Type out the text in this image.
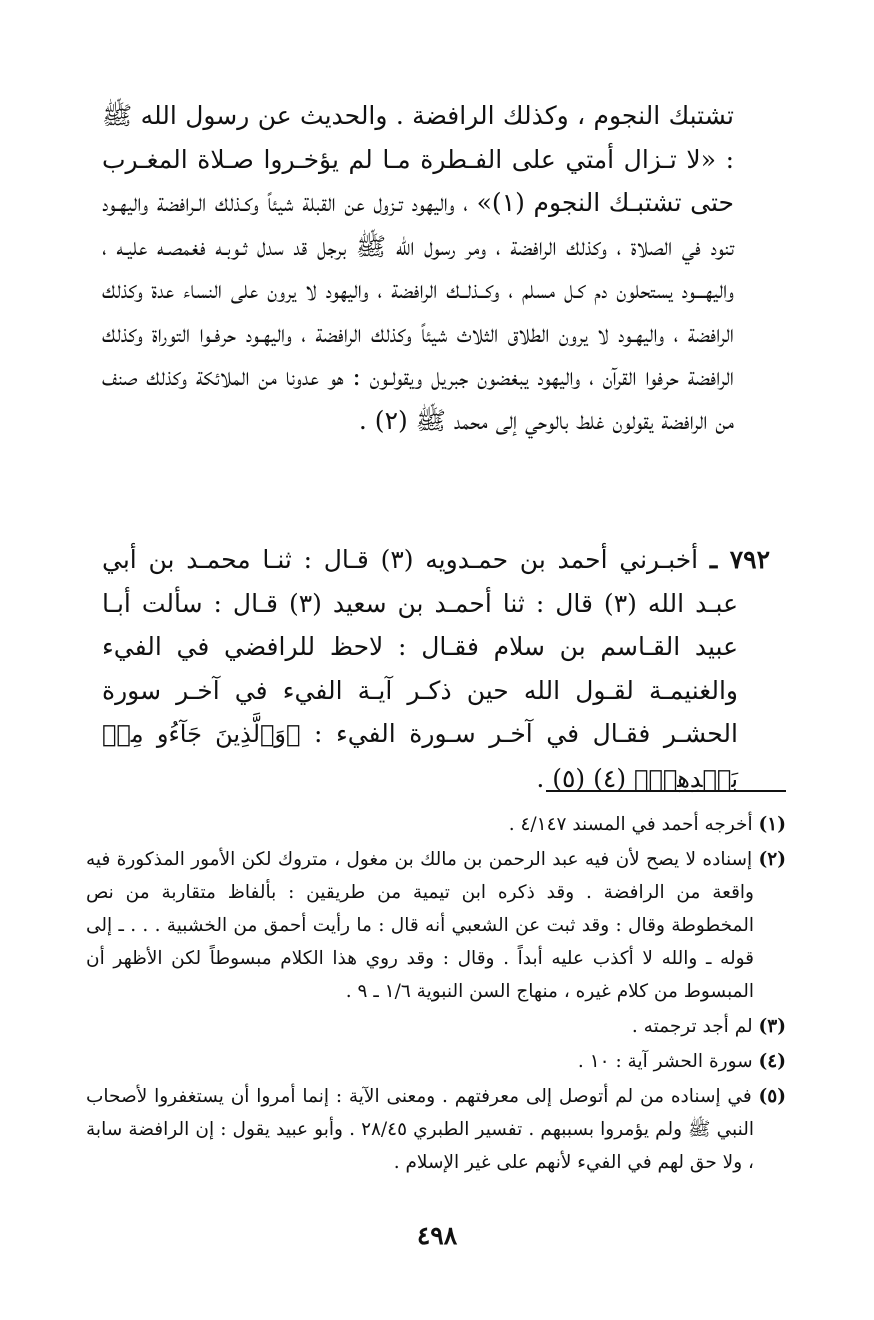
تشتبك النجوم ، وكذلك الرافضة . والحديث عن رسول الله ﷺ : «لا تـزال أمتي على الفـطرة مـا لم يؤخـروا صـلاة المغـرب حتى تشتبـك النجوم (١)» ، واليهود تـزول عن القبلة شيئاً وكـذلك الـرافضة واليهـود تنود في الصلاة ، وكذلك الرافضة ، ومر رسول الله ﷺ برجل قد سدل ثـوبـه فغمصـه عليـه ، واليهـــود يستحلون دم كـل مسلم ، وكــذلــك الرافضة ، واليهود لا يرون على النساء عدة وكذلك الرافضة ، واليهـود لا يرون الطلاق الثلاث شيئاً وكذلك الرافضة ، واليهـود حرفـوا التوراة وكذلك الرافضة حرفوا القرآن ، واليهود يبغضون جبريل ويقولـون : هو عدونا من الملائكة وكذلك صنف من الرافضة يقولون غلط بالوحي إلى محمد ﷺ (٢) .

٧٩٢ ـ أخبـرني أحمد بن حمـدويه (٣) قـال : ثنـا محمـد بن أبي عبـد الله (٣) قال : ثنا أحمـد بن سعيد (٣) قـال : سألت أبـا عبيد القـاسم بن سلام فقـال : لاحظ للرافضي في الفيء والغنيمـة لقـول الله حين ذكـر آيـة الفيء في آخـر سورة الحشـر فقـال في آخـر سـورة الفيء : ﴿وَٱلَّذِينَ جَآءُو مِنۢ بَعۡدِهِمۡ﴾ (٤) (٥) .

(١) أخرجه أحمد في المسند ٤/١٤٧ .

(٢) إسناده لا يصح لأن فيه عبد الرحمن بن مالك بن مغول ، متروك لكن الأمور المذكورة فيه واقعة من الرافضة . وقد ذكره ابن تيمية من طريقين : بألفاظ متقاربة من نص المخطوطة وقال : وقد ثبت عن الشعبي أنه قال : ما رأيت أحمق من الخشبية . . . ـ إلى قوله ـ والله لا أكذب عليه أبداً . وقال : وقد روي هذا الكلام مبسوطاً لكن الأظهر أن المبسوط من كلام غيره ، منهاج السن النبوية ١/٦ ـ ٩ .

(٣) لم أجد ترجمته .

(٤) سورة الحشر آية : ١٠ .

(٥) في إسناده من لم أتوصل إلى معرفتهم . ومعنى الآية : إنما أمروا أن يستغفروا لأصحاب النبي ﷺ ولم يؤمروا بسببهم . تفسير الطبري ٢٨/٤٥ . وأبو عبيد يقول : إن الرافضة سابة ، ولا حق لهم في الفيء لأنهم على غير الإسلام .

٤٩٨
